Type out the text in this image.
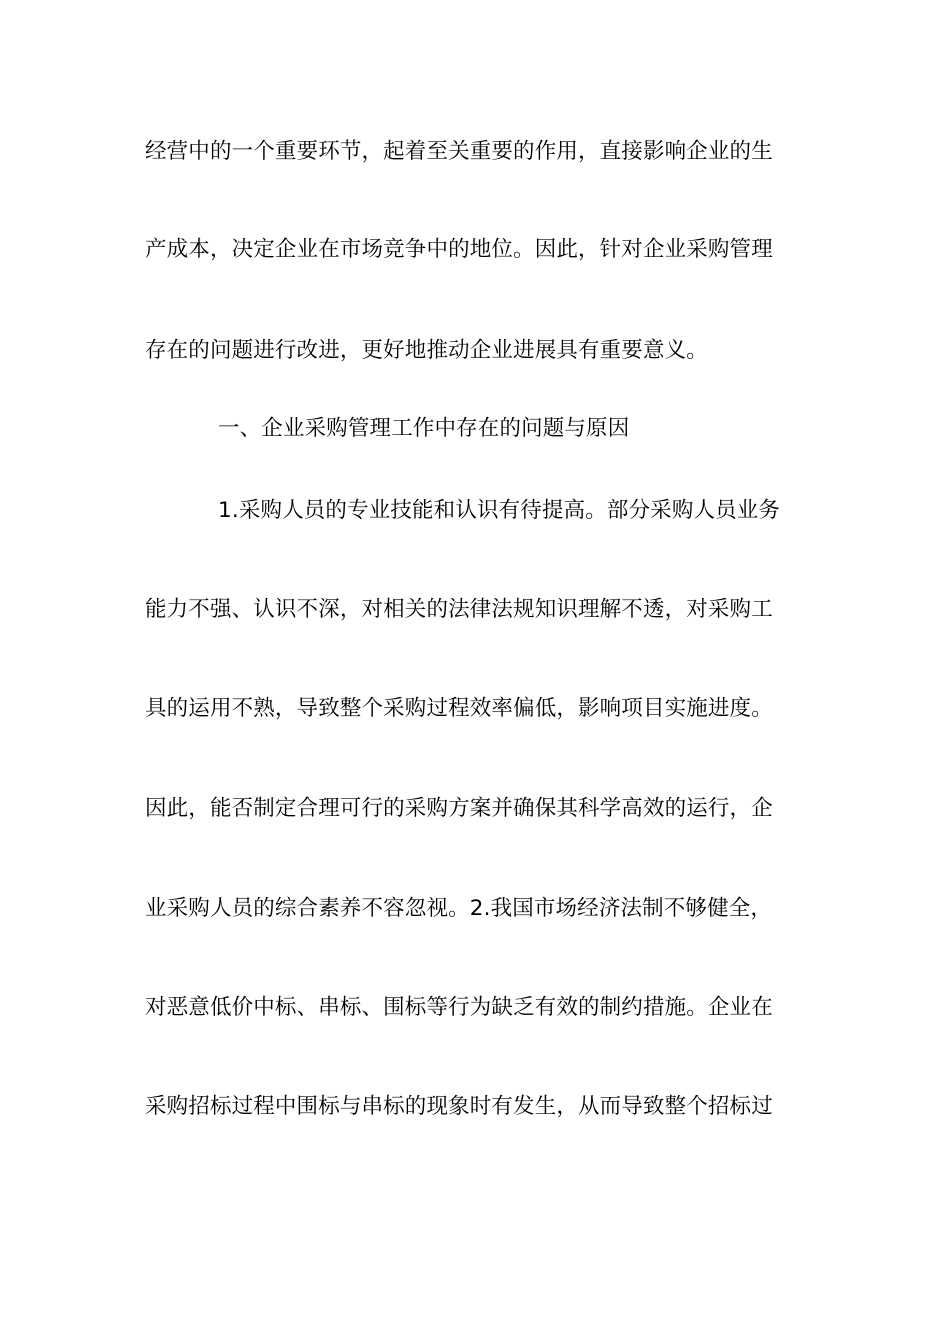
经营中的一个重要环节，起着至关重要的作用，直接影响企业的生
产成本，决定企业在市场竞争中的地位。因此，针对企业采购管理
存在的问题进行改进，更好地推动企业进展具有重要意义。
一、企业采购管理工作中存在的问题与原因
1.采购人员的专业技能和认识有待提高。部分采购人员业务
能力不强、认识不深，对相关的法律法规知识理解不透，对采购工
具的运用不熟，导致整个采购过程效率偏低，影响项目实施进度。
因此，能否制定合理可行的采购方案并确保其科学高效的运行，企
业采购人员的综合素养不容忽视。2.我国市场经济法制不够健全，
对恶意低价中标、串标、围标等行为缺乏有效的制约措施。企业在
采购招标过程中围标与串标的现象时有发生，从而导致整个招标过
